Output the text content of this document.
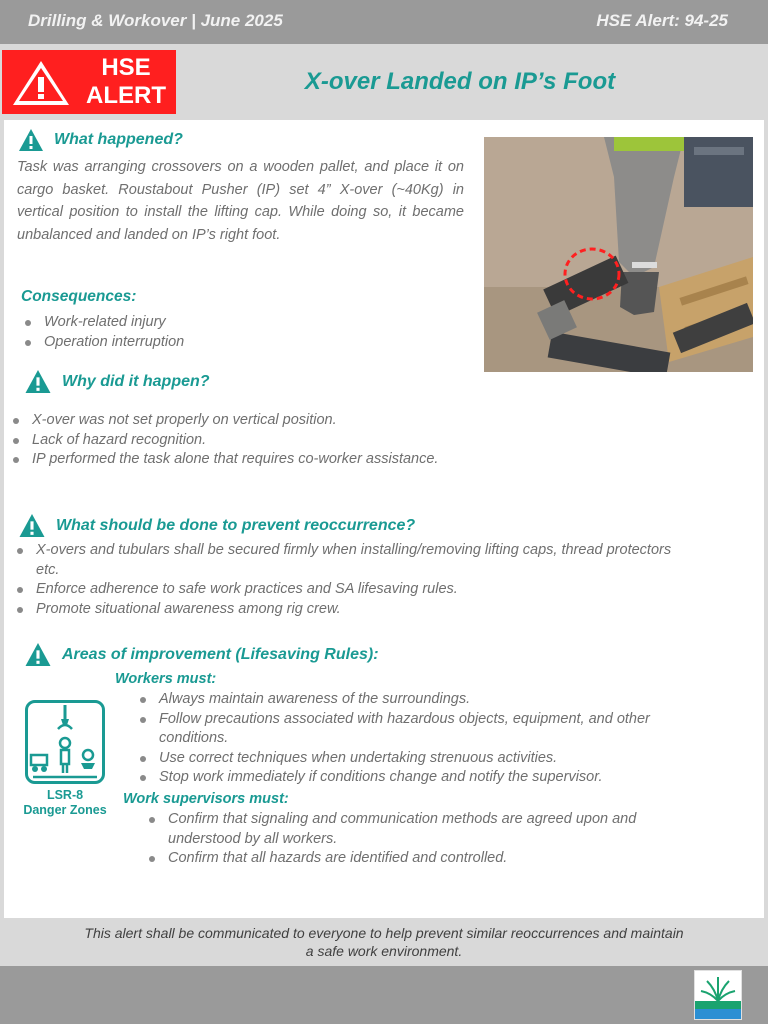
Drilling & Workover | June 2025	HSE Alert: 94-25
HSE
ALERT
X-over Landed on IP’s Foot
What happened?
Task was arranging crossovers on a wooden pallet, and place it on cargo basket. Roustabout Pusher (IP) set 4” X-over (~40Kg) in vertical position to install the lifting cap. While doing so, it became unbalanced and landed on IP’s right foot.
Consequences:
Work-related injury
Operation interruption
Why did it happen?
X-over was not set properly on vertical position.
Lack of hazard recognition.
IP performed the task alone that requires co-worker assistance.
What should be done to prevent reoccurrence?
X-overs and tubulars shall be secured firmly when installing/removing lifting caps, thread protectors etc.
Enforce adherence to safe work practices and SA lifesaving rules.
Promote situational awareness among rig crew.
Areas of improvement (Lifesaving Rules):
Workers must:
Always maintain awareness of the surroundings.
Follow precautions associated with hazardous objects, equipment, and other conditions.
Use correct techniques when undertaking strenuous activities.
Stop work immediately if conditions change and notify the supervisor.
LSR-8
Danger Zones
Work supervisors must:
Confirm that signaling and communication methods are agreed upon and understood by all workers.
Confirm that all hazards are identified and controlled.
This alert shall be communicated to everyone to help prevent similar reoccurrences and maintain a safe work environment.
